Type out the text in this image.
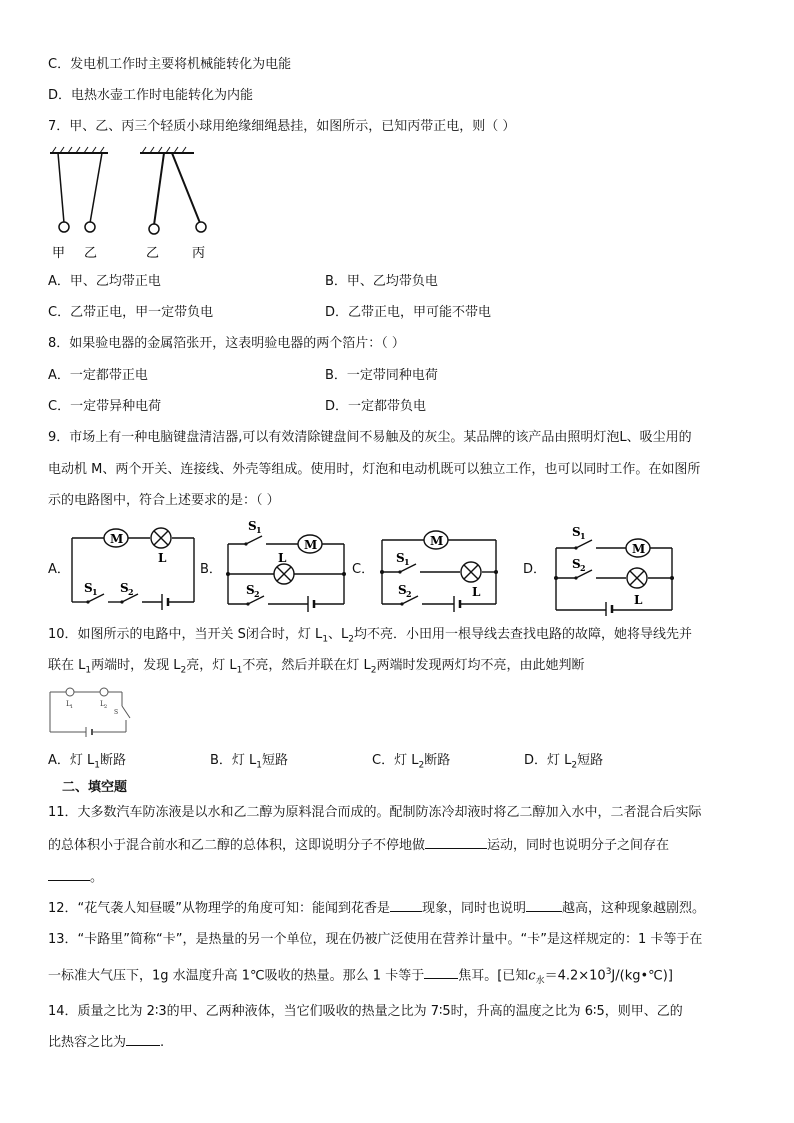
C．发电机工作时主要将机械能转化为电能
D．电热水壶工作时电能转化为内能
7．甲、乙、丙三个轻质小球用绝缘细绳悬挂，如图所示，已知丙带正电，则（ ）
甲 乙	乙	丙
A．甲、乙均带正电	B．甲、乙均带负电
C．乙带正电，甲一定带负电	D．乙带正电，甲可能不带电
8．如果验电器的金属箔张开，这表明验电器的两个箔片：（ ）
A．一定都带正电	B．一定带同种电荷
C．一定带异种电荷	D．一定都带负电
9．市场上有一种电脑键盘清洁器,可以有效清除键盘间不易触及的灰尘。某品牌的该产品由照明灯泡L、吸尘用的
电动机 M、两个开关、连接线、外壳等组成。使用时，灯泡和电动机既可以独立工作，也可以同时工作。在如图所
示的电路图中，符合上述要求的是：（ ）
A．	B．	C．	D．
M
L
S 1 S 2
S 1
M
L
S 2
M
S 1
S 2	L
S 1
M
S 2
L
10．如图所示的电路中，当开关 S闭合时，灯 $L_1$、$L_2$均不亮．小田用一根导线去查找电路的故障，她将导线先并
联在 $L_1$两端时，发现 $L_2$亮，灯 $L_1$不亮，然后并联在灯 $L_2$两端时发现两灯均不亮，由此她判断
L 1	L 2
S
A．灯 $L_1$断路	B．灯 $L_1$短路	C．灯 $L_2$断路	D．灯 $L_2$短路
二、填空题
11．大多数汽车防冻液是以水和乙二醇为原料混合而成的。配制防冻冷却液时将乙二醇加入水中，二者混合后实际
的总体积小于混合前水和乙二醇的总体积，这即说明分子不停地做	运动，同时也说明分子之间存在
。
12．“花气袭人知昼暖”从物理学的角度可知：能闻到花香是 现象，同时也说明	越高，这种现象越剧烈。
13．“卡路里”简称“卡”，是热量的另一个单位，现在仍被广泛使用在营养计量中。“卡”是这样规定的：1 卡等于在
一标准大气压下，1g 水温度升高 1℃吸收的热量。那么 1 卡等于	焦耳。[已知$c_水=4.2\times 10^3J/(kg•℃)$]
14．质量之比为 2∶3的甲、乙两种液体，当它们吸收的热量之比为 7∶5时，升高的温度之比为 6∶5，则甲、乙的
比热容之比为	.
